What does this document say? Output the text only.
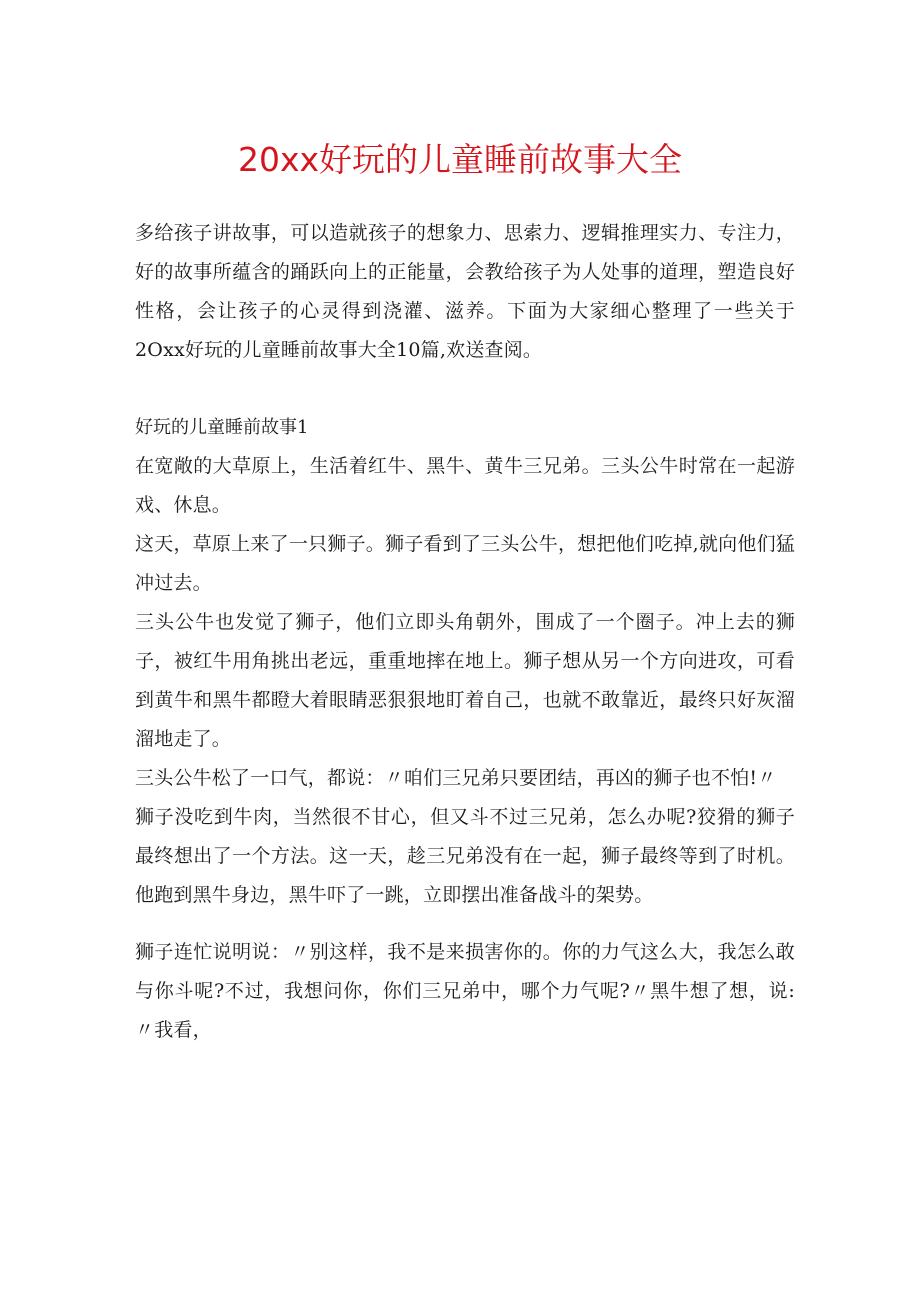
20xx好玩的儿童睡前故事大全

多给孩子讲故事，可以造就孩子的想象力、思索力、逻辑推理实力、专注力，好的故事所蕴含的踊跃向上的正能量，会教给孩子为人处事的道理，塑造良好性格，会让孩子的心灵得到浇灌、滋养。下面为大家细心整理了一些关于2Oxx好玩的儿童睡前故事大全10篇,欢送查阅。

好玩的儿童睡前故事1

在宽敞的大草原上，生活着红牛、黑牛、黄牛三兄弟。三头公牛时常在一起游戏、休息。

这天，草原上来了一只狮子。狮子看到了三头公牛，想把他们吃掉,就向他们猛冲过去。

三头公牛也发觉了狮子，他们立即头角朝外，围成了一个圈子。冲上去的狮子，被红牛用角挑出老远，重重地摔在地上。狮子想从另一个方向进攻，可看到黄牛和黑牛都瞪大着眼睛恶狠狠地盯着自己，也就不敢靠近，最终只好灰溜溜地走了。

三头公牛松了一口气，都说：〃咱们三兄弟只要团结，再凶的狮子也不怕!〃

狮子没吃到牛肉，当然很不甘心，但又斗不过三兄弟，怎么办呢?狡猾的狮子最终想出了一个方法。这一天，趁三兄弟没有在一起，狮子最终等到了时机。他跑到黑牛身边，黑牛吓了一跳，立即摆出准备战斗的架势。

狮子连忙说明说：〃别这样，我不是来损害你的。你的力气这么大，我怎么敢与你斗呢?不过，我想问你，你们三兄弟中，哪个力气呢?〃黑牛想了想，说:〃我看，
